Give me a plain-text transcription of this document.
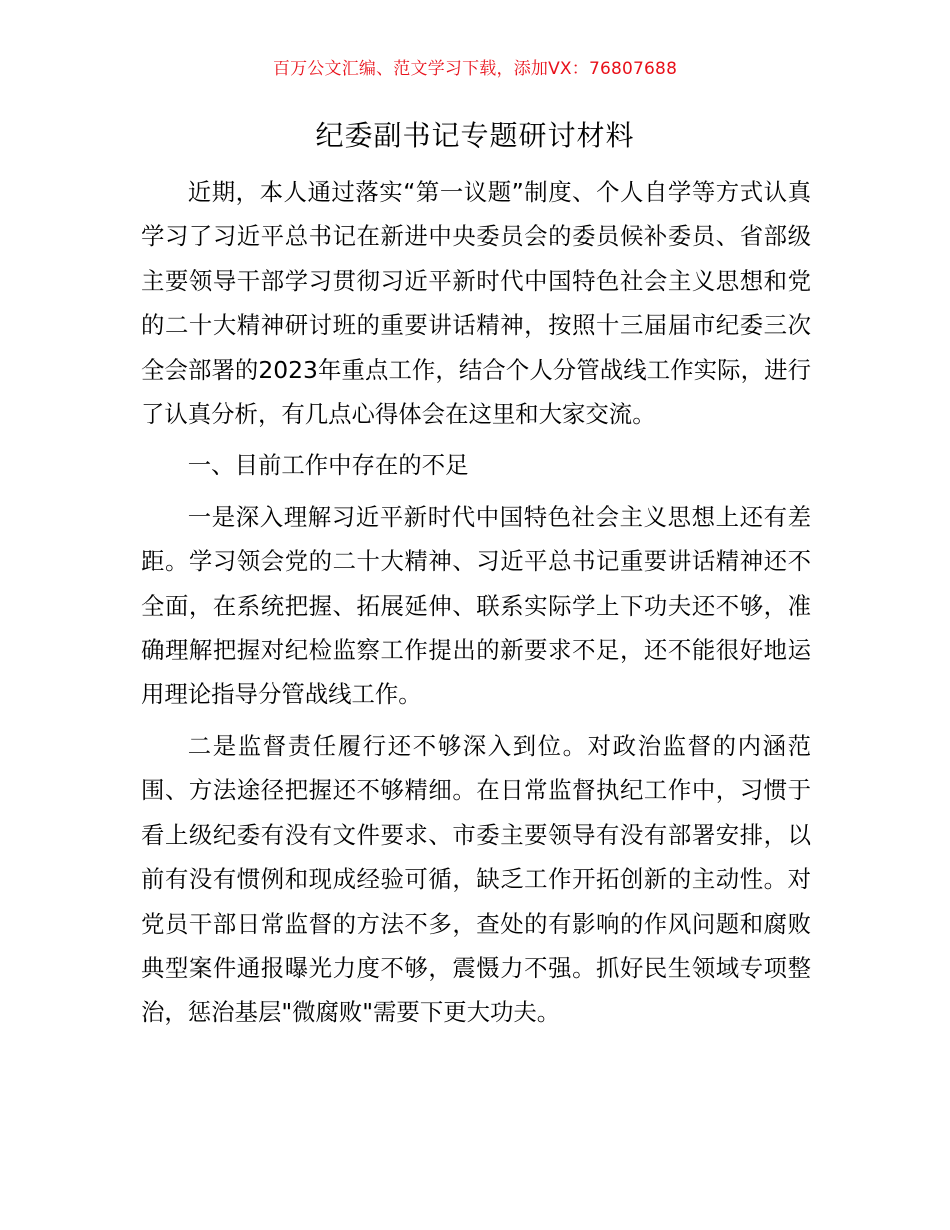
百万公文汇编、范文学习下载，添加VX：76807688
纪委副书记专题研讨材料

近期，本人通过落实“第一议题”制度、个人自学等方式认真学习了习近平总书记在新进中央委员会的委员候补委员、省部级主要领导干部学习贯彻习近平新时代中国特色社会主义思想和党的二十大精神研讨班的重要讲话精神，按照十三届届市纪委三次全会部署的2023年重点工作，结合个人分管战线工作实际，进行了认真分析，有几点心得体会在这里和大家交流。

一、目前工作中存在的不足

一是深入理解习近平新时代中国特色社会主义思想上还有差距。学习领会党的二十大精神、习近平总书记重要讲话精神还不全面，在系统把握、拓展延伸、联系实际学上下功夫还不够，准确理解把握对纪检监察工作提出的新要求不足，还不能很好地运用理论指导分管战线工作。

二是监督责任履行还不够深入到位。对政治监督的内涵范围、方法途径把握还不够精细。在日常监督执纪工作中，习惯于看上级纪委有没有文件要求、市委主要领导有没有部署安排，以前有没有惯例和现成经验可循，缺乏工作开拓创新的主动性。对党员干部日常监督的方法不多，查处的有影响的作风问题和腐败典型案件通报曝光力度不够，震慑力不强。抓好民生领域专项整治，惩治基层"微腐败"需要下更大功夫。
